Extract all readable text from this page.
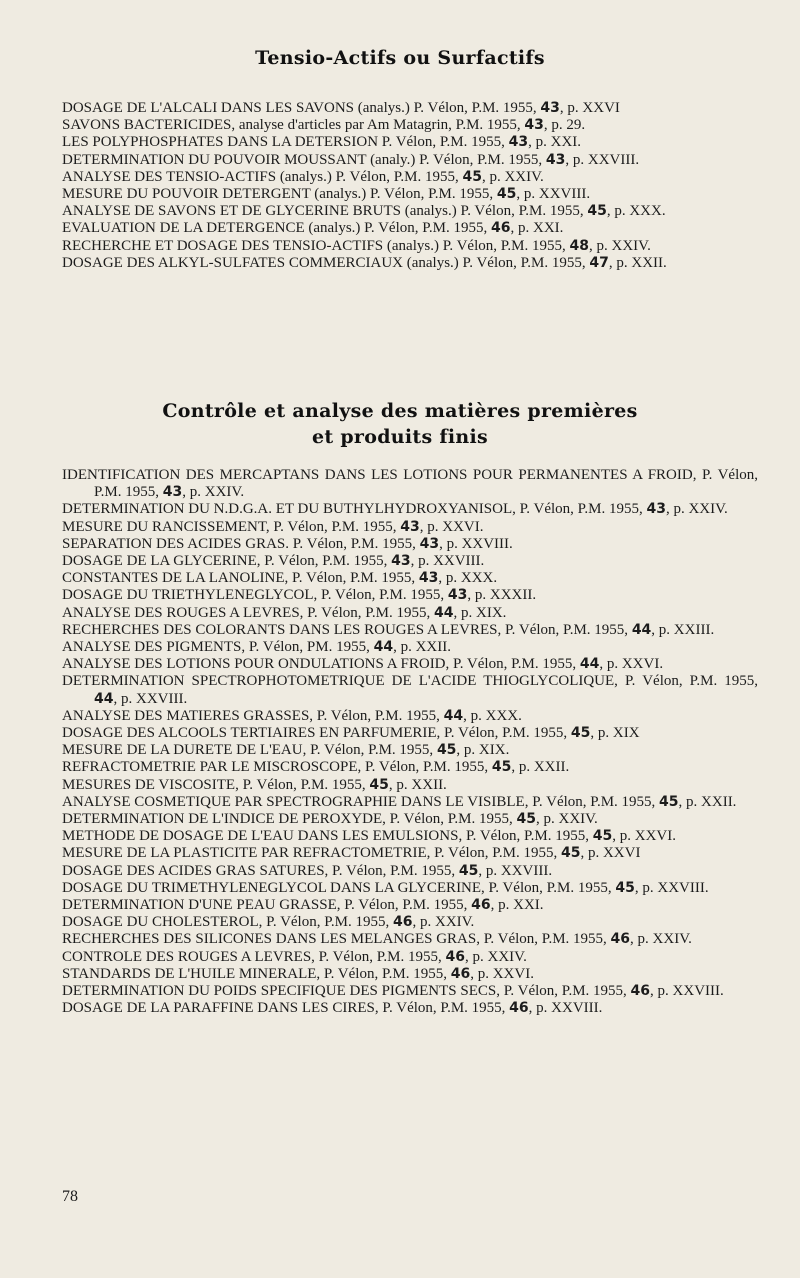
Tensio-Actifs ou Surfactifs
DOSAGE DE L'ALCALI DANS LES SAVONS (analys.) P. Vélon, P.M. 1955, 43, p. XXVI
SAVONS BACTERICIDES, analyse d'articles par Am Matagrin, P.M. 1955, 43, p. 29.
LES POLYPHOSPHATES DANS LA DETERSION P. Vélon, P.M. 1955, 43, p. XXI.
DETERMINATION DU POUVOIR MOUSSANT (analy.) P. Vélon, P.M. 1955, 43, p. XXVIII.
ANALYSE DES TENSIO-ACTIFS (analys.) P. Vélon, P.M. 1955, 45, p. XXIV.
MESURE DU POUVOIR DETERGENT (analys.) P. Vélon, P.M. 1955, 45, p. XXVIII.
ANALYSE DE SAVONS ET DE GLYCERINE BRUTS (analys.) P. Vélon, P.M. 1955, 45, p. XXX.
EVALUATION DE LA DETERGENCE (analys.) P. Vélon, P.M. 1955, 46, p. XXI.
RECHERCHE ET DOSAGE DES TENSIO-ACTIFS (analys.) P. Vélon, P.M. 1955, 48, p. XXIV.
DOSAGE DES ALKYL-SULFATES COMMERCIAUX (analys.) P. Vélon, P.M. 1955, 47, p. XXII.
Contrôle et analyse des matières premières
et produits finis
IDENTIFICATION DES MERCAPTANS DANS LES LOTIONS POUR PERMANENTES A FROID, P. Vélon, P.M. 1955, 43, p. XXIV.
DETERMINATION DU N.D.G.A. ET DU BUTHYLHYDROXYANISOL, P. Vélon, P.M. 1955, 43, p. XXIV.
MESURE DU RANCISSEMENT, P. Vélon, P.M. 1955, 43, p. XXVI.
SEPARATION DES ACIDES GRAS. P. Vélon, P.M. 1955, 43, p. XXVIII.
DOSAGE DE LA GLYCERINE, P. Vélon, P.M. 1955, 43, p. XXVIII.
CONSTANTES DE LA LANOLINE, P. Vélon, P.M. 1955, 43, p. XXX.
DOSAGE DU TRIETHYLENEGLYCOL, P. Vélon, P.M. 1955, 43, p. XXXII.
ANALYSE DES ROUGES A LEVRES, P. Vélon, P.M. 1955, 44, p. XIX.
RECHERCHES DES COLORANTS DANS LES ROUGES A LEVRES, P. Vélon, P.M. 1955, 44, p. XXIII.
ANALYSE DES PIGMENTS, P. Vélon, PM. 1955, 44, p. XXII.
ANALYSE DES LOTIONS POUR ONDULATIONS A FROID, P. Vélon, P.M. 1955, 44, p. XXVI.
DETERMINATION SPECTROPHOTOMETRIQUE DE L'ACIDE THIOGLYCOLIQUE, P. Vélon, P.M. 1955, 44, p. XXVIII.
ANALYSE DES MATIERES GRASSES, P. Vélon, P.M. 1955, 44, p. XXX.
DOSAGE DES ALCOOLS TERTIAIRES EN PARFUMERIE, P. Vélon, P.M. 1955, 45, p. XIX
MESURE DE LA DURETE DE L'EAU, P. Vélon, P.M. 1955, 45, p. XIX.
REFRACTOMETRIE PAR LE MISCROSCOPE, P. Vélon, P.M. 1955, 45, p. XXII.
MESURES DE VISCOSITE, P. Vélon, P.M. 1955, 45, p. XXII.
ANALYSE COSMETIQUE PAR SPECTROGRAPHIE DANS LE VISIBLE, P. Vélon, P.M. 1955, 45, p. XXII.
DETERMINATION DE L'INDICE DE PEROXYDE, P. Vélon, P.M. 1955, 45, p. XXIV.
METHODE DE DOSAGE DE L'EAU DANS LES EMULSIONS, P. Vélon, P.M. 1955, 45, p. XXVI.
MESURE DE LA PLASTICITE PAR REFRACTOMETRIE, P. Vélon, P.M. 1955, 45, p. XXVI
DOSAGE DES ACIDES GRAS SATURES, P. Vélon, P.M. 1955, 45, p. XXVIII.
DOSAGE DU TRIMETHYLENEGLYCOL DANS LA GLYCERINE, P. Vélon, P.M. 1955, 45, p. XXVIII.
DETERMINATION D'UNE PEAU GRASSE, P. Vélon, P.M. 1955, 46, p. XXI.
DOSAGE DU CHOLESTEROL, P. Vélon, P.M. 1955, 46, p. XXIV.
RECHERCHES DES SILICONES DANS LES MELANGES GRAS, P. Vélon, P.M. 1955, 46, p. XXIV.
CONTROLE DES ROUGES A LEVRES, P. Vélon, P.M. 1955, 46, p. XXIV.
STANDARDS DE L'HUILE MINERALE, P. Vélon, P.M. 1955, 46, p. XXVI.
DETERMINATION DU POIDS SPECIFIQUE DES PIGMENTS SECS, P. Vélon, P.M. 1955, 46, p. XXVIII.
DOSAGE DE LA PARAFFINE DANS LES CIRES, P. Vélon, P.M. 1955, 46, p. XXVIII.
78
